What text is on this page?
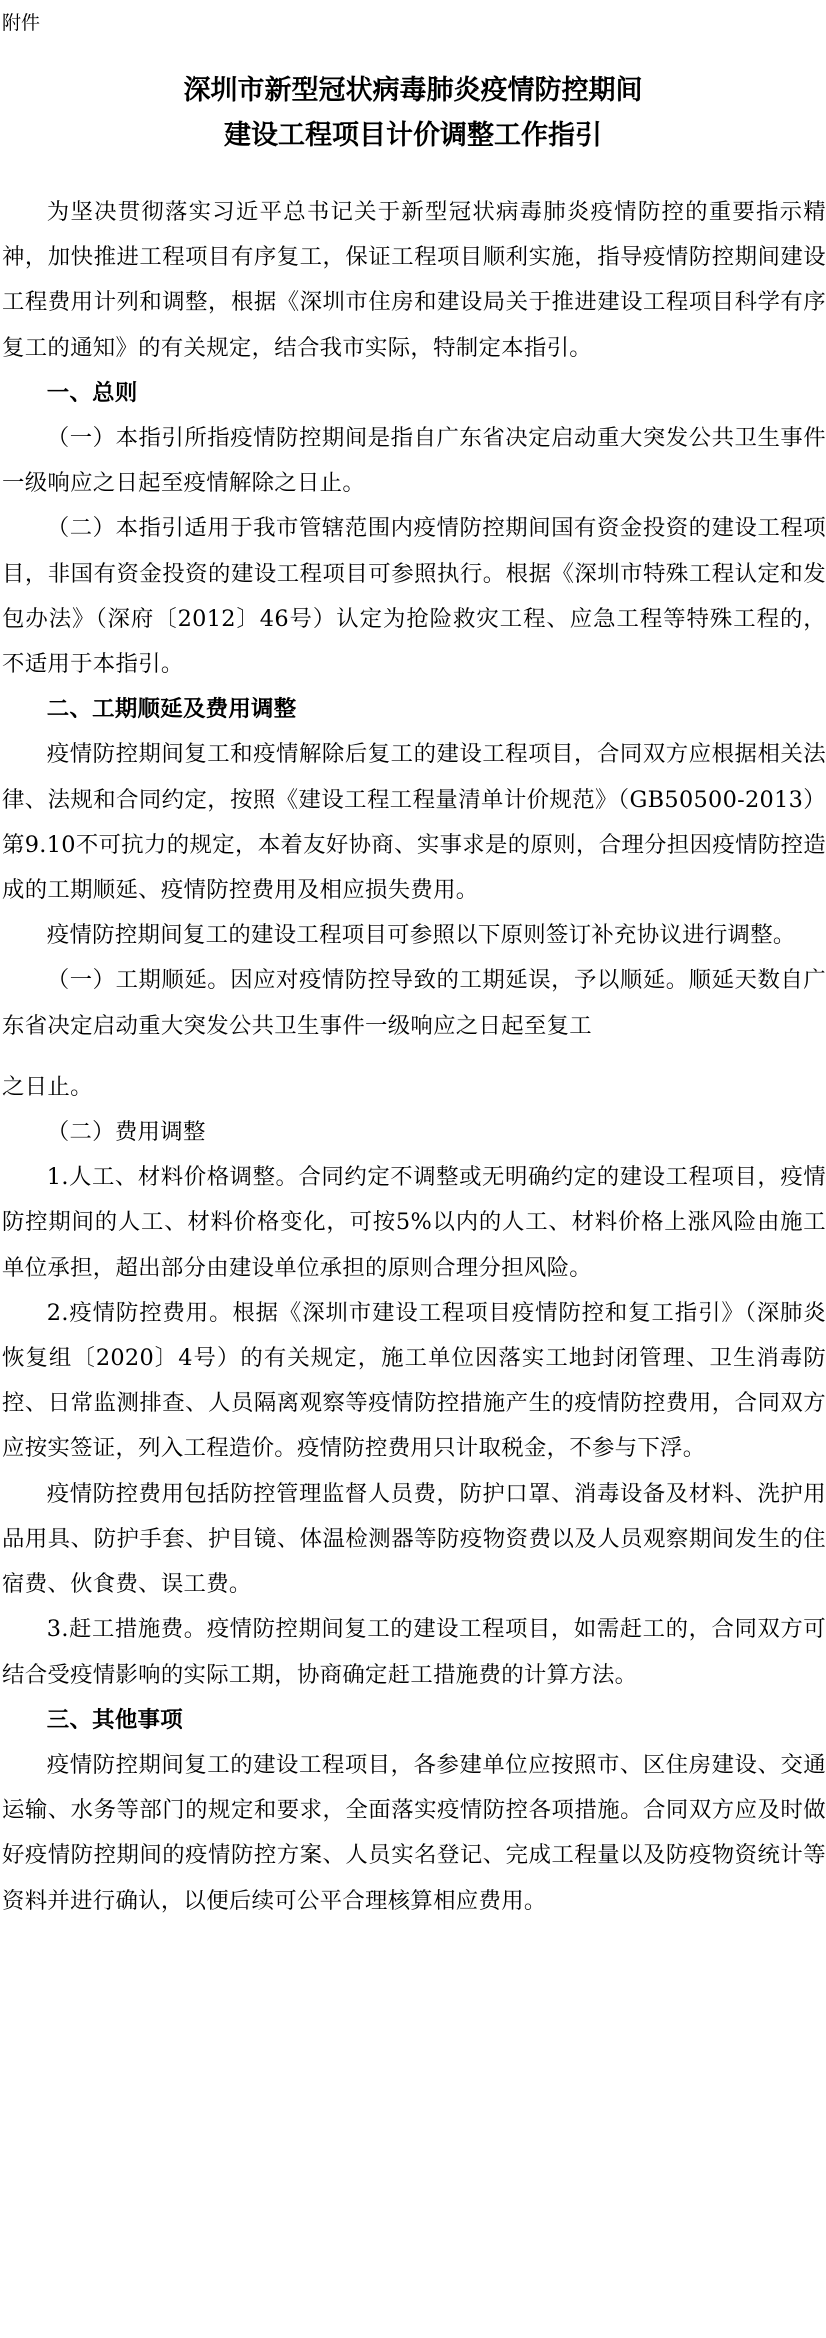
附件
深圳市新型冠状病毒肺炎疫情防控期间
建设工程项目计价调整工作指引

为坚决贯彻落实习近平总书记关于新型冠状病毒肺炎疫情防控的重要指示精神，加快推进工程项目有序复工，保证工程项目顺利实施，指导疫情防控期间建设工程费用计列和调整，根据《深圳市住房和建设局关于推进建设工程项目科学有序复工的通知》的有关规定，结合我市实际，特制定本指引。

一、总则

（一）本指引所指疫情防控期间是指自广东省决定启动重大突发公共卫生事件一级响应之日起至疫情解除之日止。

（二）本指引适用于我市管辖范围内疫情防控期间国有资金投资的建设工程项目，非国有资金投资的建设工程项目可参照执行。根据《深圳市特殊工程认定和发包办法》（深府〔2012〕46号）认定为抢险救灾工程、应急工程等特殊工程的，不适用于本指引。

二、工期顺延及费用调整

疫情防控期间复工和疫情解除后复工的建设工程项目，合同双方应根据相关法律、法规和合同约定，按照《建设工程工程量清单计价规范》（GB50500-2013）第9.10不可抗力的规定，本着友好协商、实事求是的原则，合理分担因疫情防控造成的工期顺延、疫情防控费用及相应损失费用。

疫情防控期间复工的建设工程项目可参照以下原则签订补充协议进行调整。

（一）工期顺延。因应对疫情防控导致的工期延误，予以顺延。顺延天数自广东省决定启动重大突发公共卫生事件一级响应之日起至复工

之日止。

（二）费用调整

1.人工、材料价格调整。合同约定不调整或无明确约定的建设工程项目，疫情防控期间的人工、材料价格变化，可按5%以内的人工、材料价格上涨风险由施工单位承担，超出部分由建设单位承担的原则合理分担风险。

2.疫情防控费用。根据《深圳市建设工程项目疫情防控和复工指引》（深肺炎恢复组〔2020〕4号）的有关规定，施工单位因落实工地封闭管理、卫生消毒防控、日常监测排查、人员隔离观察等疫情防控措施产生的疫情防控费用，合同双方应按实签证，列入工程造价。疫情防控费用只计取税金，不参与下浮。

疫情防控费用包括防控管理监督人员费，防护口罩、消毒设备及材料、洗护用品用具、防护手套、护目镜、体温检测器等防疫物资费以及人员观察期间发生的住宿费、伙食费、误工费。

3.赶工措施费。疫情防控期间复工的建设工程项目，如需赶工的，合同双方可结合受疫情影响的实际工期，协商确定赶工措施费的计算方法。

三、其他事项

疫情防控期间复工的建设工程项目，各参建单位应按照市、区住房建设、交通运输、水务等部门的规定和要求，全面落实疫情防控各项措施。合同双方应及时做好疫情防控期间的疫情防控方案、人员实名登记、完成工程量以及防疫物资统计等资料并进行确认，以便后续可公平合理核算相应费用。
